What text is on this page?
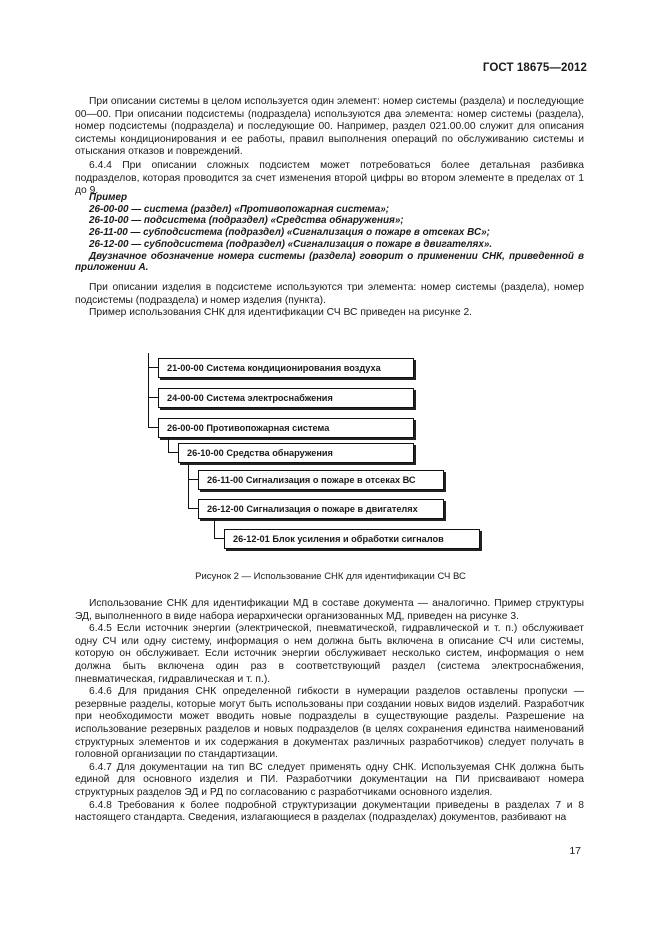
ГОСТ 18675—2012

При описании системы в целом используется один элемент: номер системы (раздела) и последующие 00—00. При описании подсистемы (подраздела) используются два элемента: номер системы (раздела), номер подсистемы (подраздела) и последующие 00. Например, раздел 021.00.00 служит для описания системы кондиционирования и ее работы, правил выполнения операций по обслуживанию системы и отыскания отказов и повреждений.

6.4.4 При описании сложных подсистем может потребоваться более детальная разбивка подразделов, которая проводится за счет изменения второй цифры во втором элементе в пределах от 1 до 9.

Пример

26-00-00 — система (раздел) «Противопожарная система»;

26-10-00 — подсистема (подраздел) «Средства обнаружения»;

26-11-00 — субподсистема (подраздел) «Сигнализация о пожаре в отсеках ВС»;

26-12-00 — субподсистема (подраздел) «Сигнализация о пожаре в двигателях».

Двузначное обозначение номера системы (раздела) говорит о применении СНК, приведенной в приложении А.

При описании изделия в подсистеме используются три элемента: номер системы (раздела), номер подсистемы (подраздела) и номер изделия (пункта).

Пример использования СНК для идентификации СЧ ВС приведен на рисунке 2.

21-00-00 Система кондиционирования воздуха
24-00-00 Система электроснабжения
26-00-00 Противопожарная система
26-10-00 Средства обнаружения
26-11-00 Сигнализация о пожаре в отсеках ВС
26-12-00 Сигнализация о пожаре в двигателях
26-12-01 Блок усиления и обработки сигналов
Рисунок 2 — Использование СНК для идентификации СЧ ВС

Использование СНК для идентификации МД в составе документа — аналогично. Пример структуры ЭД, выполненного в виде набора иерархически организованных МД, приведен на рисунке 3.

6.4.5 Если источник энергии (электрической, пневматической, гидравлической и т. п.) обслуживает одну СЧ или одну систему, информация о нем должна быть включена в описание СЧ или системы, которую он обслуживает. Если источник энергии обслуживает несколько систем, информация о нем должна быть включена один раз в соответствующий раздел (система электроснабжения, пневматическая, гидравлическая и т. п.).

6.4.6 Для придания СНК определенной гибкости в нумерации разделов оставлены пропуски — резервные разделы, которые могут быть использованы при создании новых видов изделий. Разработчик при необходимости может вводить новые подразделы в существующие разделы. Разрешение на использование резервных разделов и новых подразделов (в целях сохранения единства наименований структурных элементов и их содержания в документах различных разработчиков) следует получать в головной организации по стандартизации.

6.4.7 Для документации на тип ВС следует применять одну СНК. Используемая СНК должна быть единой для основного изделия и ПИ. Разработчики документации на ПИ присваивают номера структурных разделов ЭД и РД по согласованию с разработчиками основного изделия.

6.4.8 Требования к более подробной структуризации документации приведены в разделах 7 и 8 настоящего стандарта. Сведения, излагающиеся в разделах (подразделах) документов, разбивают на

17
